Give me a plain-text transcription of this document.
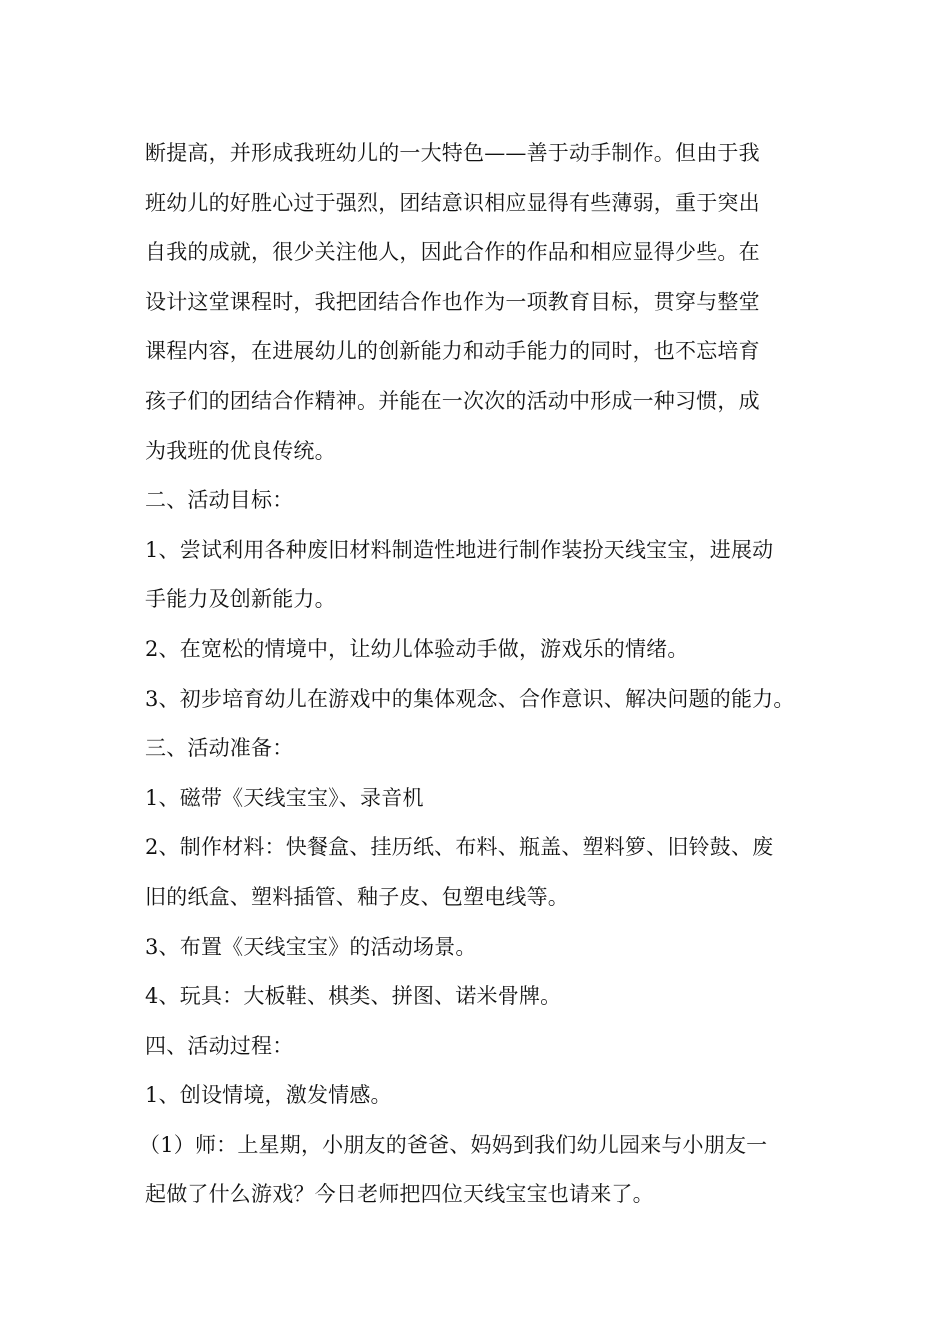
断提高，并形成我班幼儿的一大特色——善于动手制作。但由于我
班幼儿的好胜心过于强烈，团结意识相应显得有些薄弱，重于突出
自我的成就，很少关注他人，因此合作的作品和相应显得少些。在
设计这堂课程时，我把团结合作也作为一项教育目标，贯穿与整堂
课程内容，在进展幼儿的创新能力和动手能力的同时，也不忘培育
孩子们的团结合作精神。并能在一次次的活动中形成一种习惯，成
为我班的优良传统。
二、活动目标：
1、尝试利用各种废旧材料制造性地进行制作装扮天线宝宝，进展动
手能力及创新能力。
2、在宽松的情境中，让幼儿体验动手做，游戏乐的情绪。
3、初步培育幼儿在游戏中的集体观念、合作意识、解决问题的能力。
三、活动准备：
1、磁带《天线宝宝》、录音机
2、制作材料：快餐盒、挂历纸、布料、瓶盖、塑料箩、旧铃鼓、废
旧的纸盒、塑料插管、釉子皮、包塑电线等。
3、布置《天线宝宝》的活动场景。
4、玩具：大板鞋、棋类、拼图、诺米骨牌。
四、活动过程：
1、创设情境，激发情感。
（1）师：上星期，小朋友的爸爸、妈妈到我们幼儿园来与小朋友一
起做了什么游戏？今日老师把四位天线宝宝也请来了。
